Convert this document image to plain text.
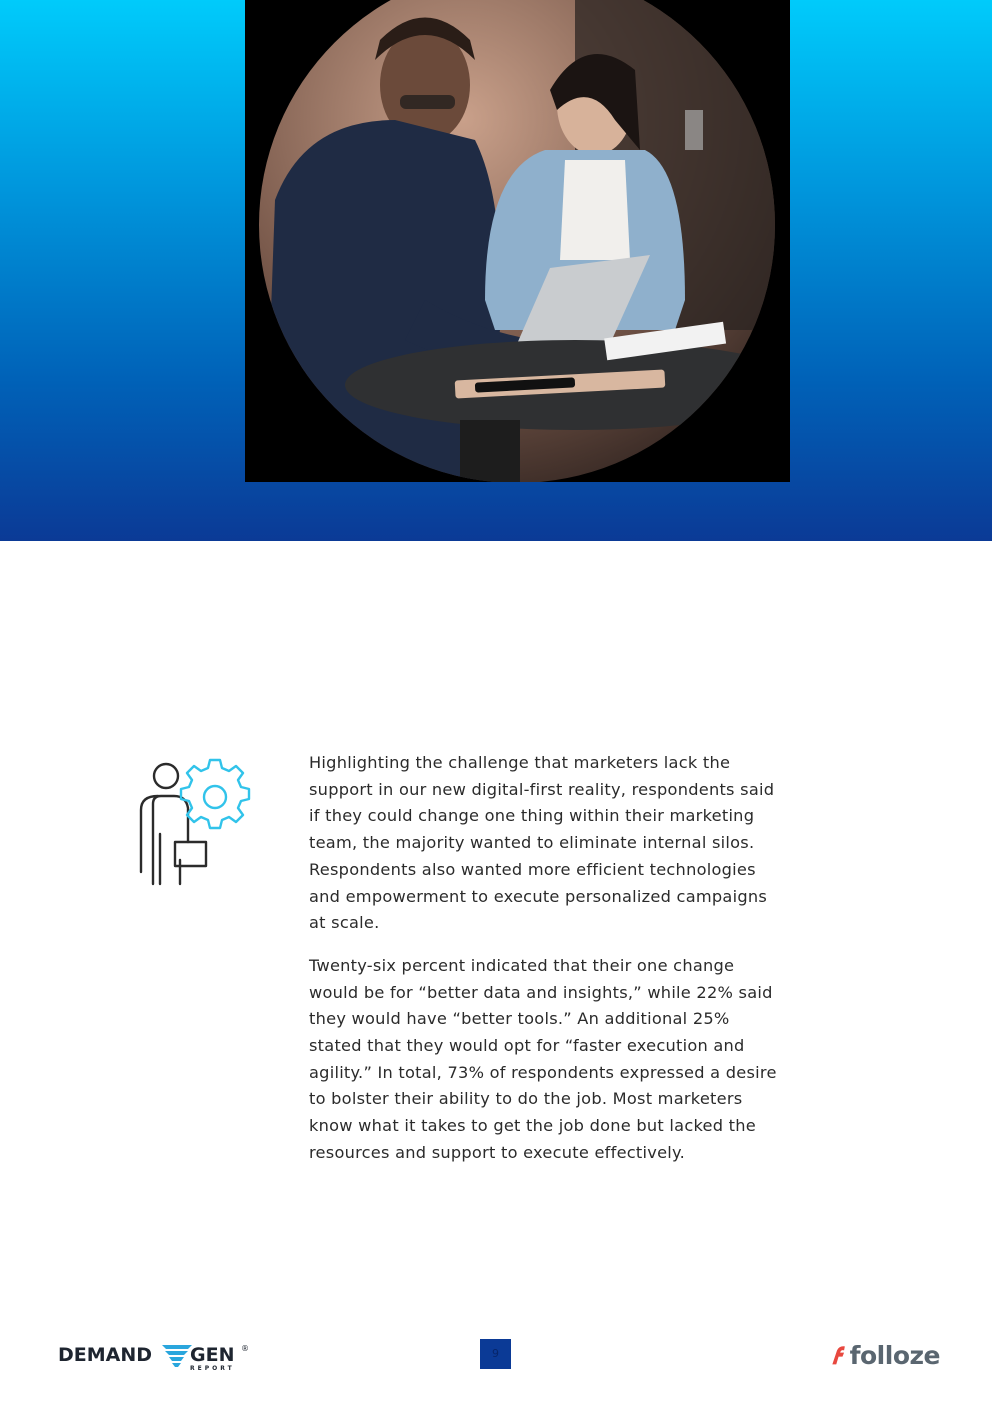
Highlighting the challenge that marketers lack the support in our new digital-first reality, respondents said if they could change one thing within their marketing team, the majority wanted to eliminate internal silos. Respondents also wanted more efficient technologies and empowerment to execute personalized campaigns at scale.

Twenty-six percent indicated that their one change would be for “better data and insights,” while 22% said they would have “better tools.” An additional 25% stated that they would opt for “faster execution and agility.” In total, 73% of respondents expressed a desire to bolster their ability to do the job. Most marketers know what it takes to get the job done but lacked the resources and support to execute effectively.

DEMAND GEN ®
REPORT
9	folloze
